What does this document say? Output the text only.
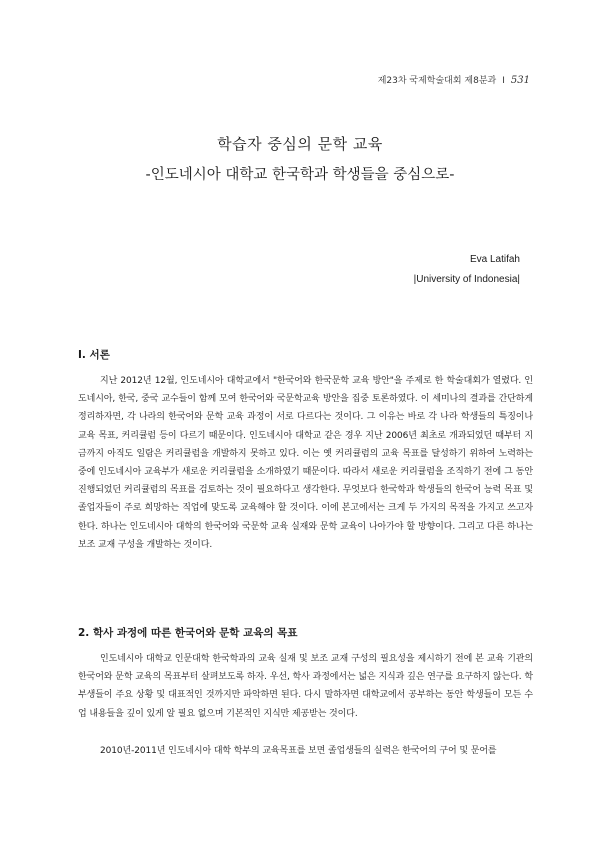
제23차 국제학술대회 제8분과 I 531
학습자 중심의 문학 교육
-인도네시아 대학교 한국학과 학생들을 중심으로-
Eva Latifah
|University of Indonesia|
I. 서론

지난 2012년 12월, 인도네시아 대학교에서 "한국어와 한국문학 교육 방안"을 주제로 한 학술대회가 열렸다. 인도네시아, 한국, 중국 교수들이 함께 모여 한국어와 국문학교육 방안을 집중 토론하였다. 이 세미나의 결과를 간단하게 정리하자면, 각 나라의 한국어와 문학 교육 과정이 서로 다르다는 것이다. 그 이유는 바로 각 나라 학생들의 특징이나 교육 목표, 커리큘럼 등이 다르기 때문이다. 인도네시아 대학교 같은 경우 지난 2006년 최초로 개과되었던 때부터 지금까지 아직도 일람은 커리큘럼을 개발하지 못하고 있다. 이는 옛 커리큘럼의 교육 목표를 달성하기 위하여 노력하는 중에 인도네시아 교육부가 새로운 커리큘럼을 소개하였기 때문이다. 따라서 새로운 커리큘럼을 조직하기 전에 그 동안 진행되었던 커리큘럼의 목표를 검토하는 것이 필요하다고 생각한다. 무엇보다 한국학과 학생들의 한국어 능력 목표 및 졸업자들이 주로 희망하는 직업에 맞도록 교육해야 할 것이다. 이에 본고에서는 크게 두 가지의 목적을 가지고 쓰고자 한다. 하나는 인도네시아 대학의 한국어와 국문학 교육 실재와 문학 교육이 나아가야 할 방향이다. 그리고 다른 하나는 보조 교재 구성을 개발하는 것이다.

2. 학사 과정에 따른 한국어와 문학 교육의 목표

인도네시아 대학교 인문대학 한국학과의 교육 실재 및 보조 교재 구성의 필요성을 제시하기 전에 본 교육 기관의 한국어와 문학 교육의 목표부터 살펴보도록 하자. 우선, 학사 과정에서는 넓은 지식과 깊은 연구를 요구하지 않는다. 학부생들이 주요 상황 및 대표적인 것까지만 파악하면 된다. 다시 말하자면 대학교에서 공부하는 동안 학생들이 모든 수업 내용들을 깊이 있게 알 필요 없으며 기본적인 지식만 제공받는 것이다.

2010년-2011년 인도네시아 대학 학부의 교육목표를 보면 졸업생들의 실력은 한국어의 구어 및 문어를
